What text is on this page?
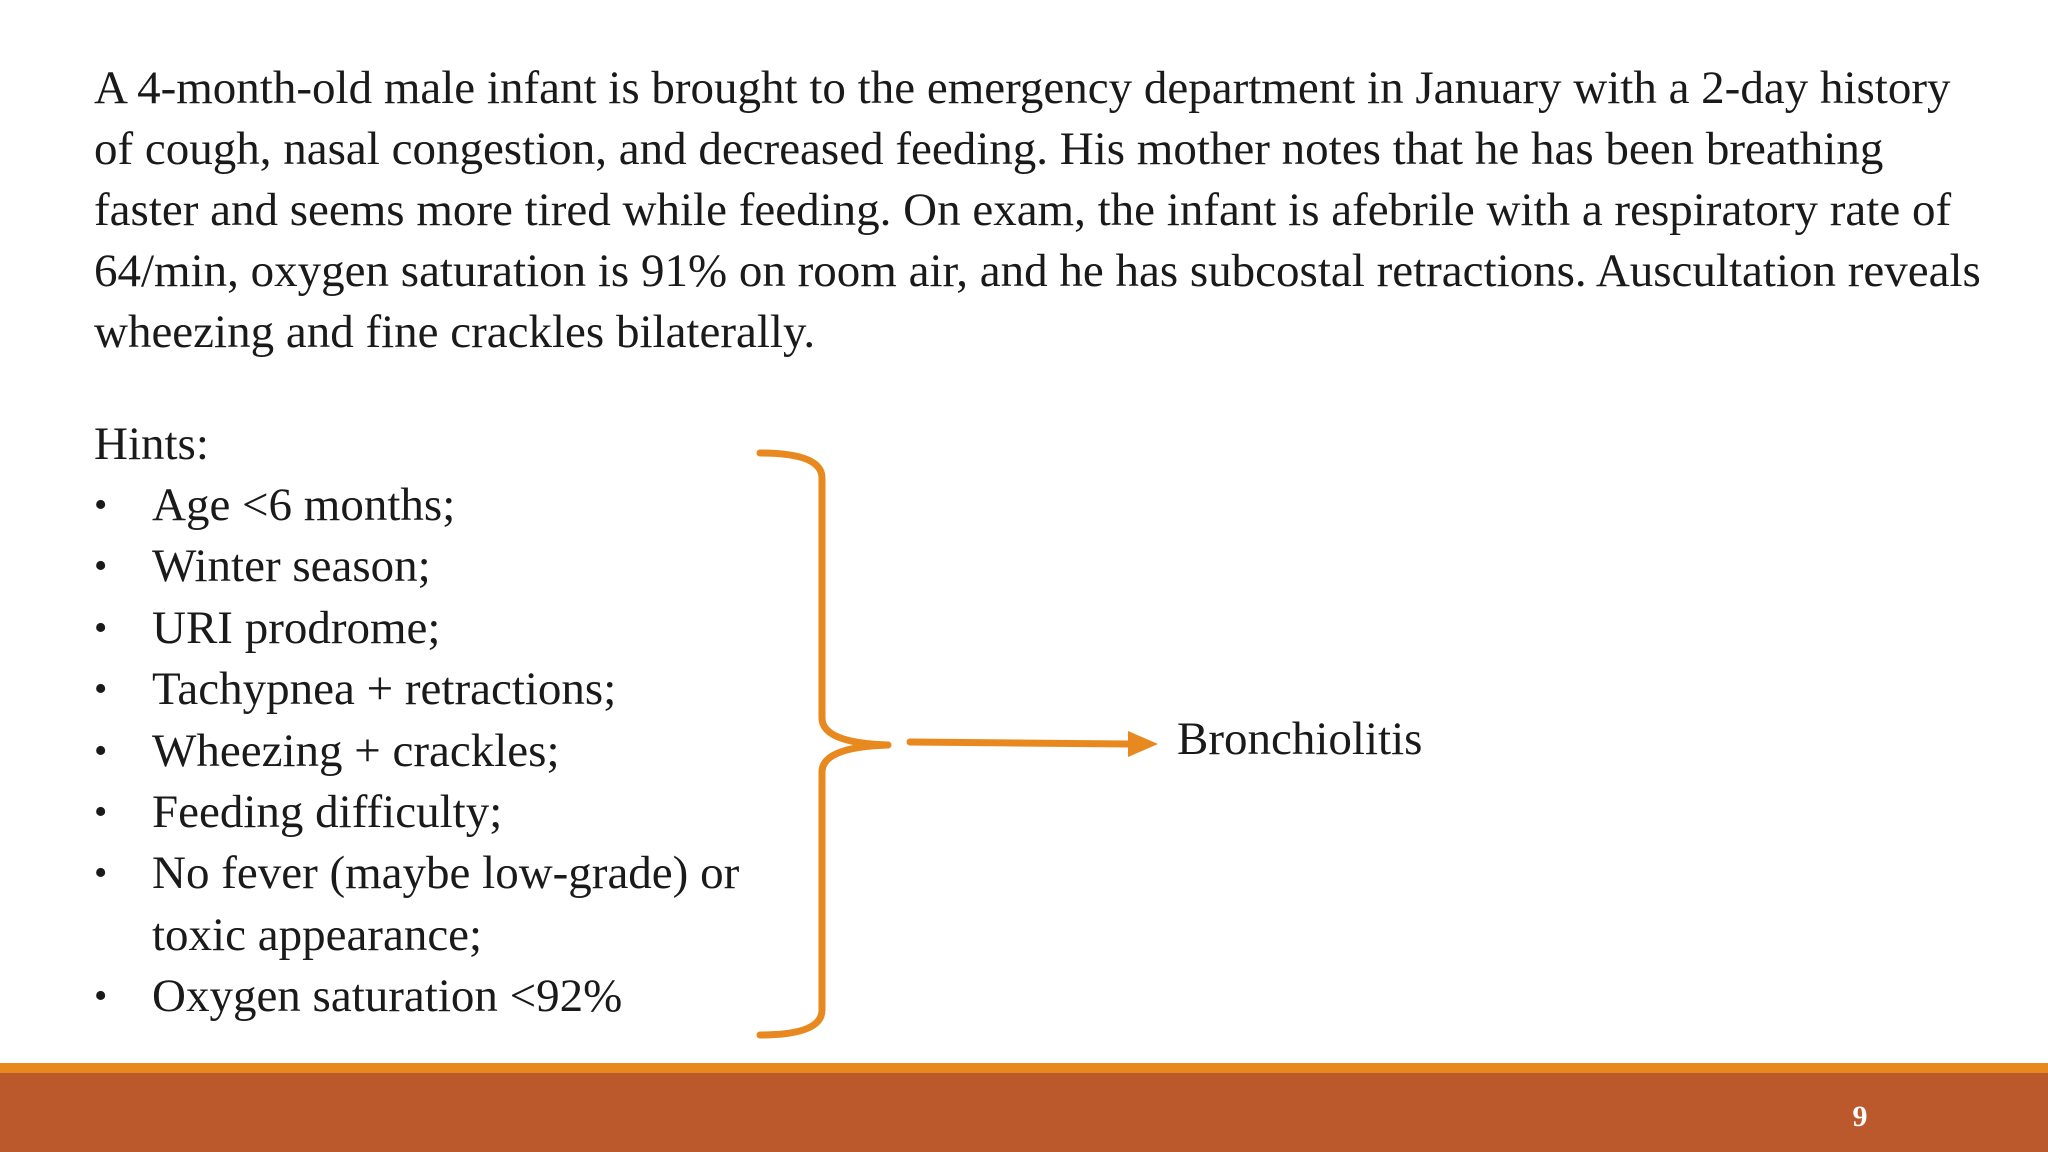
A 4-month-old male infant is brought to the emergency department in January with a 2-day history of cough, nasal congestion, and decreased feeding. His mother notes that he has been breathing faster and seems more tired while feeding. On exam, the infant is afebrile with a respiratory rate of 64/min, oxygen saturation is 91% on room air, and he has subcostal retractions. Auscultation reveals wheezing and fine crackles bilaterally.

Hints:

• Age <6 months;
• Winter season;
• URI prodrome;
• Tachypnea + retractions;
• Wheezing + crackles;
• Feeding difficulty;
• No fever (maybe low-grade) or toxic appearance;
• Oxygen saturation <92%
Bronchiolitis
9
